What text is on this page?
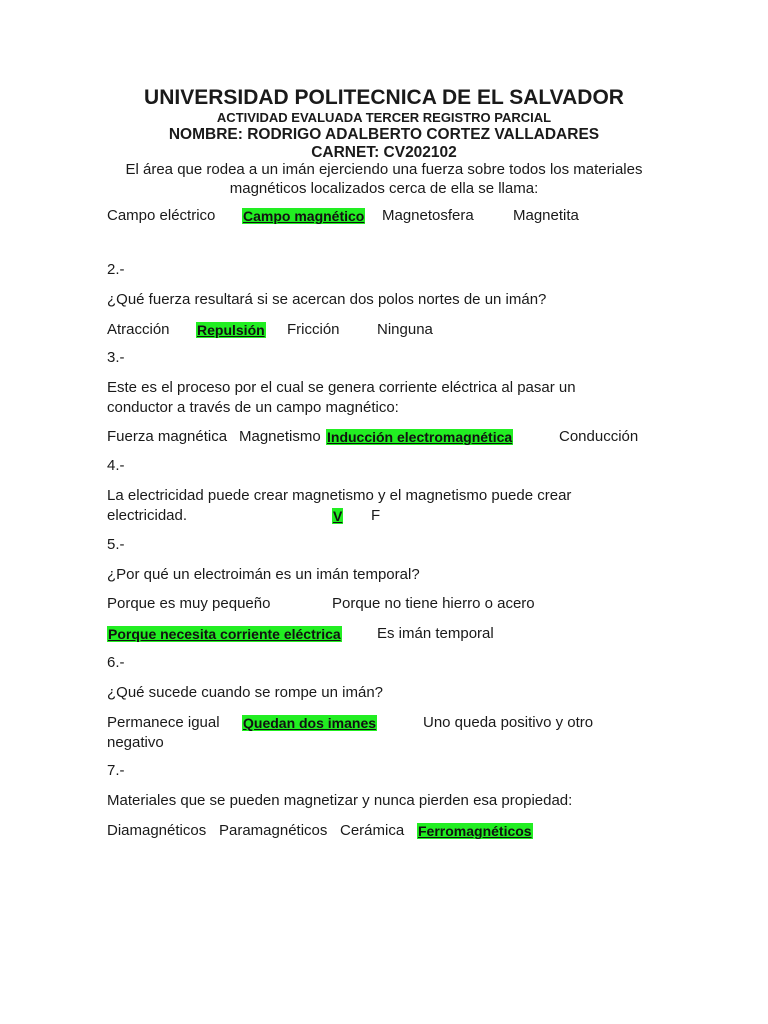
UNIVERSIDAD POLITECNICA DE EL SALVADOR
ACTIVIDAD EVALUADA TERCER REGISTRO PARCIAL
NOMBRE: RODRIGO ADALBERTO CORTEZ VALLADARES
CARNET: CV202102
El área que rodea a un imán ejerciendo una fuerza sobre todos los materiales
magnéticos localizados cerca de ella se llama:
Campo eléctrico Campo magnético Magnetosfera	Magnetita
2.-
¿Qué fuerza resultará si se acercan dos polos nortes de un imán?
Atracción Repulsión Fricción Ninguna
3.-
Este es el proceso por el cual se genera corriente eléctrica al pasar un
conductor a través de un campo magnético:
Fuerza magnética Magnetismo Inducción electromagnética	Conducción
4.-
La electricidad puede crear magnetismo y el magnetismo puede crear
electricidad.	V F
5.-
¿Por qué un electroimán es un imán temporal?
Porque es muy pequeño	Porque no tiene hierro o acero
Porque necesita corriente eléctrica Es imán temporal
6.-
¿Qué sucede cuando se rompe un imán?
Permanece igual Quedan dos imanes	Uno queda positivo y otro
negativo
7.-
Materiales que se pueden magnetizar y nunca pierden esa propiedad:
Diamagnéticos Paramagnéticos Cerámica Ferromagnéticos
